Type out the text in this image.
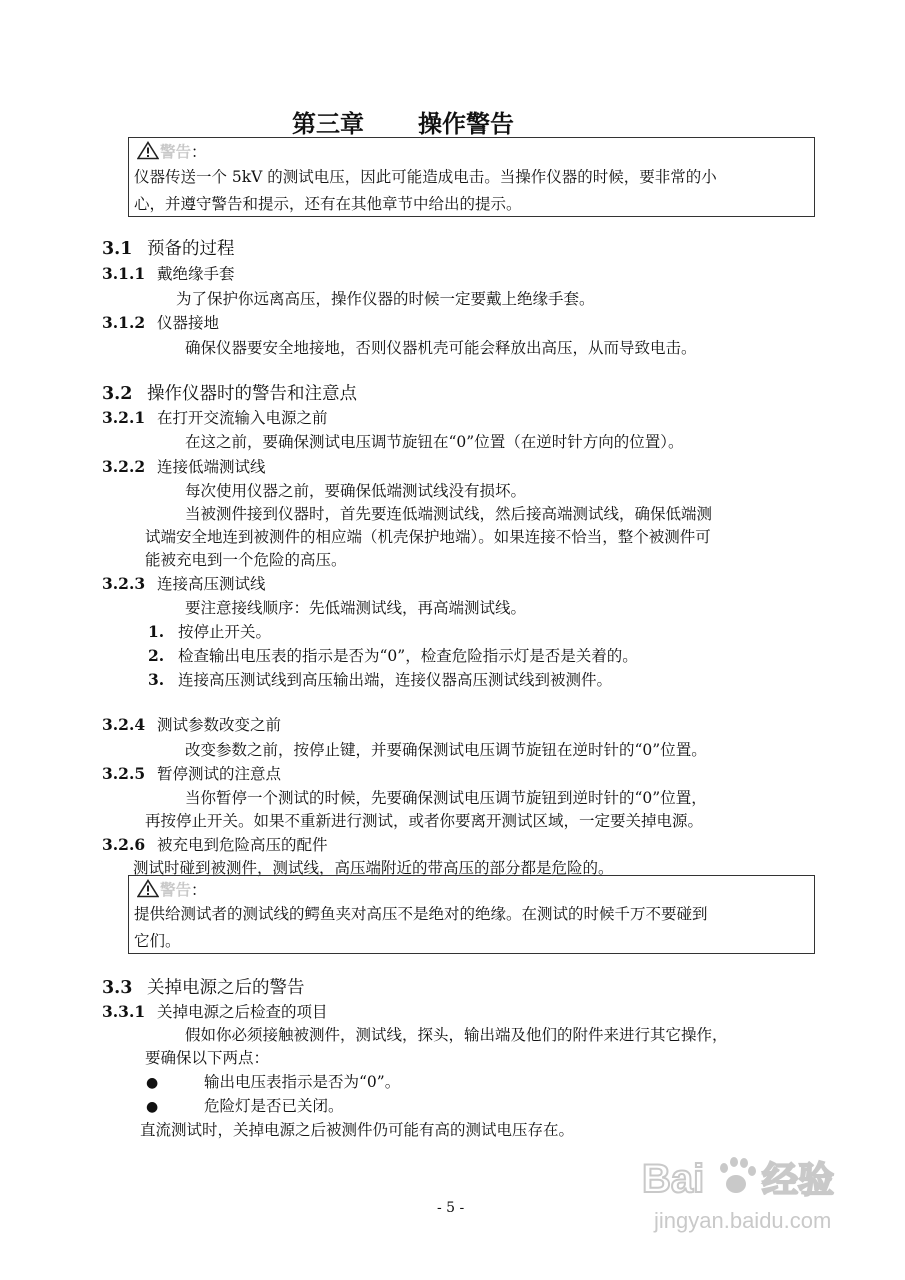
第三章 操作警告
警告：
仪器传送一个 5kV 的测试电压，因此可能造成电击。当操作仪器的时候，要非常的小
心，并遵守警告和提示，还有在其他章节中给出的提示。
3.1 预备的过程
3.1.1 戴绝缘手套
为了保护你远离高压，操作仪器的时候一定要戴上绝缘手套。
3.1.2 仪器接地
确保仪器要安全地接地，否则仪器机壳可能会释放出高压，从而导致电击。
3.2 操作仪器时的警告和注意点
3.2.1 在打开交流输入电源之前
在这之前，要确保测试电压调节旋钮在“0”位置（在逆时针方向的位置）。
3.2.2 连接低端测试线
每次使用仪器之前，要确保低端测试线没有损坏。
当被测件接到仪器时，首先要连低端测试线，然后接高端测试线，确保低端测
试端安全地连到被测件的相应端（机壳保护地端）。如果连接不恰当，整个被测件可
能被充电到一个危险的高压。
3.2.3 连接高压测试线
要注意接线顺序：先低端测试线，再高端测试线。
1. 按停止开关。
2. 检查输出电压表的指示是否为“0”，检查危险指示灯是否是关着的。
3. 连接高压测试线到高压输出端，连接仪器高压测试线到被测件。
3.2.4 测试参数改变之前
改变参数之前，按停止键，并要确保测试电压调节旋钮在逆时针的“0”位置。
3.2.5 暂停测试的注意点
当你暂停一个测试的时候，先要确保测试电压调节旋钮到逆时针的“0”位置，
再按停止开关。如果不重新进行测试，或者你要离开测试区域，一定要关掉电源。
3.2.6 被充电到危险高压的配件
测试时碰到被测件，测试线，高压端附近的带高压的部分都是危险的。
警告：
提供给测试者的测试线的鳄鱼夹对高压不是绝对的绝缘。在测试的时候千万不要碰到
它们。
3.3 关掉电源之后的警告
3.3.1 关掉电源之后检查的项目
假如你必须接触被测件，测试线，探头，输出端及他们的附件来进行其它操作，
要确保以下两点：
●	输出电压表指示是否为“0”。
●	危险灯是否已关闭。
直流测试时，关掉电源之后被测件仍可能有高的测试电压存在。
- 5 -
Bai 经验
jingyan.baidu.com
